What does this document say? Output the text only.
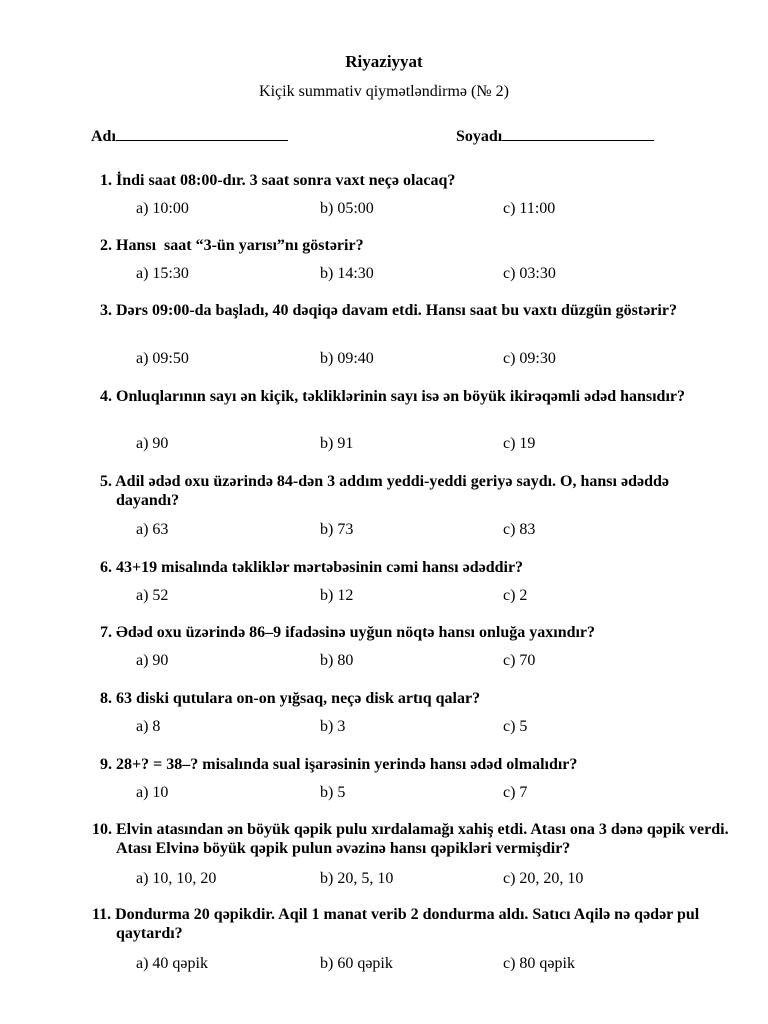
Riyaziyyat
Kiçik summativ qiymətləndirmə (№ 2)
Adı	Soyadı
1. İndi saat 08:00-dır. 3 saat sonra vaxt neçə olacaq?
a) 10:00	b) 05:00	c) 11:00
2. Hansı  saat “3-ün yarısı”nı göstərir?
a) 15:30	b) 14:30	c) 03:30
3. Dərs 09:00-da başladı, 40 dəqiqə davam etdi. Hansı saat bu vaxtı düzgün göstərir?
a) 09:50	b) 09:40	c) 09:30
4. Onluqlarının sayı ən kiçik, təkliklərinin sayı isə ən böyük ikirəqəmli ədəd hansıdır?
a) 90	b) 91	c) 19
5. Adil ədəd oxu üzərində 84-dən 3 addım yeddi-yeddi geriyə saydı. O, hansı ədəddə dayandı?
a) 63	b) 73	c) 83
6. 43+19 misalında təkliklər mərtəbəsinin cəmi hansı ədəddir?
a) 52	b) 12	c) 2
7. Ədəd oxu üzərində 86–9 ifadəsinə uyğun nöqtə hansı onluğa yaxındır?
a) 90	b) 80	c) 70
8. 63 diski qutulara on-on yığsaq, neçə disk artıq qalar?
a) 8	b) 3	c) 5
9. 28+? = 38–? misalında sual işarəsinin yerində hansı ədəd olmalıdır?
a) 10	b) 5	c) 7
10. Elvin atasından ən böyük qəpik pulu xırdalamağı xahiş etdi. Atası ona 3 dənə qəpik verdi. Atası Elvinə böyük qəpik pulun əvəzinə hansı qəpikləri vermişdir?
a) 10, 10, 20	b) 20, 5, 10	c) 20, 20, 10
11. Dondurma 20 qəpikdir. Aqil 1 manat verib 2 dondurma aldı. Satıcı Aqilə nə qədər pul qaytardı?
a) 40 qəpik	b) 60 qəpik	c) 80 qəpik
